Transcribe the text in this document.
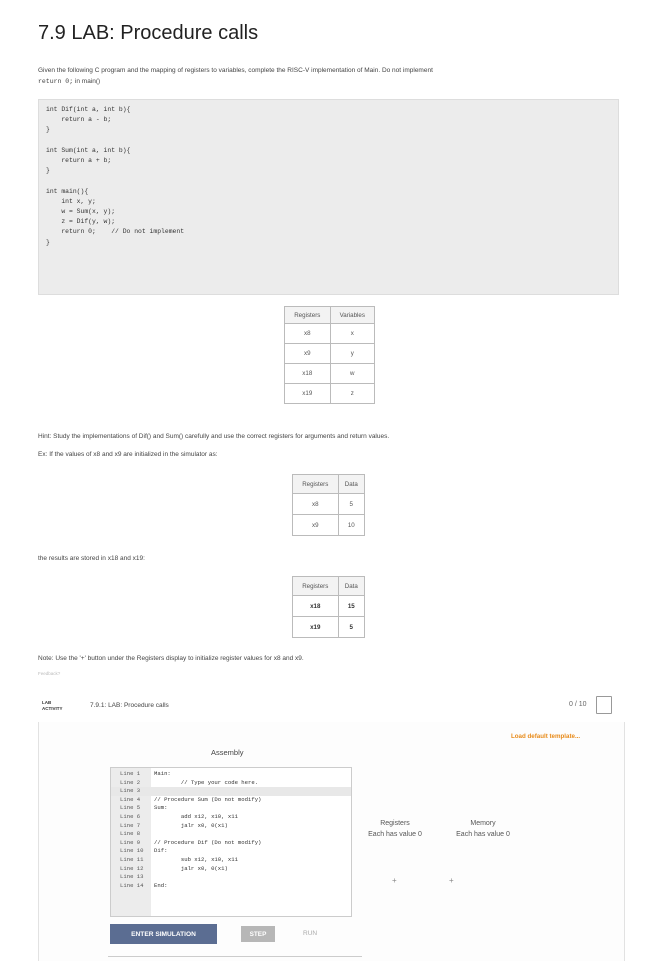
7.9 LAB: Procedure calls
Given the following C program and the mapping of registers to variables, complete the RISC-V implementation of Main. Do not implement
return 0; in main()
int Dif(int a, int b){
return a - b;
}

int Sum(int a, int b){
return a + b;
}

int main(){
int x, y;
w = Sum(x, y);
z = Dif(y, w);
return 0;    // Do not implement
}

Registers	Variables
x8	x
x9	y
x18	w
x19	z
Hint: Study the implementations of Dif() and Sum() carefully and use the correct registers for arguments and return values.
Ex: If the values of x8 and x9 are initialized in the simulator as:
Registers	Data
x8	5
x9	10
the results are stored in x18 and x19:
Registers	Data
x18	15
x19	5
Note: Use the '+' button under the Registers display to initialize register values for x8 and x9.
Feedback?
LAB
ACTIVITY	7.9.1: LAB: Procedure calls	0 / 10
Load default template...
Assembly
Line 1 Main:
Line 2 // Type your code here.
Line 3
Line 4 // Procedure Sum (Do not modify)
Line 5 Sum:
Line 6 add x12, x10, x11
Line 7 jalr x0, 0(x1)
Line 8
Line 9 // Procedure Dif (Do not modify)
Line 10 Dif:
Line 11 sub x12, x10, x11
Line 12 jalr x0, 0(x1)
Line 13
Line 14 End:
Registers
Each has value 0
+
Memory
Each has value 0
+
ENTER SIMULATION	STEP	RUN
